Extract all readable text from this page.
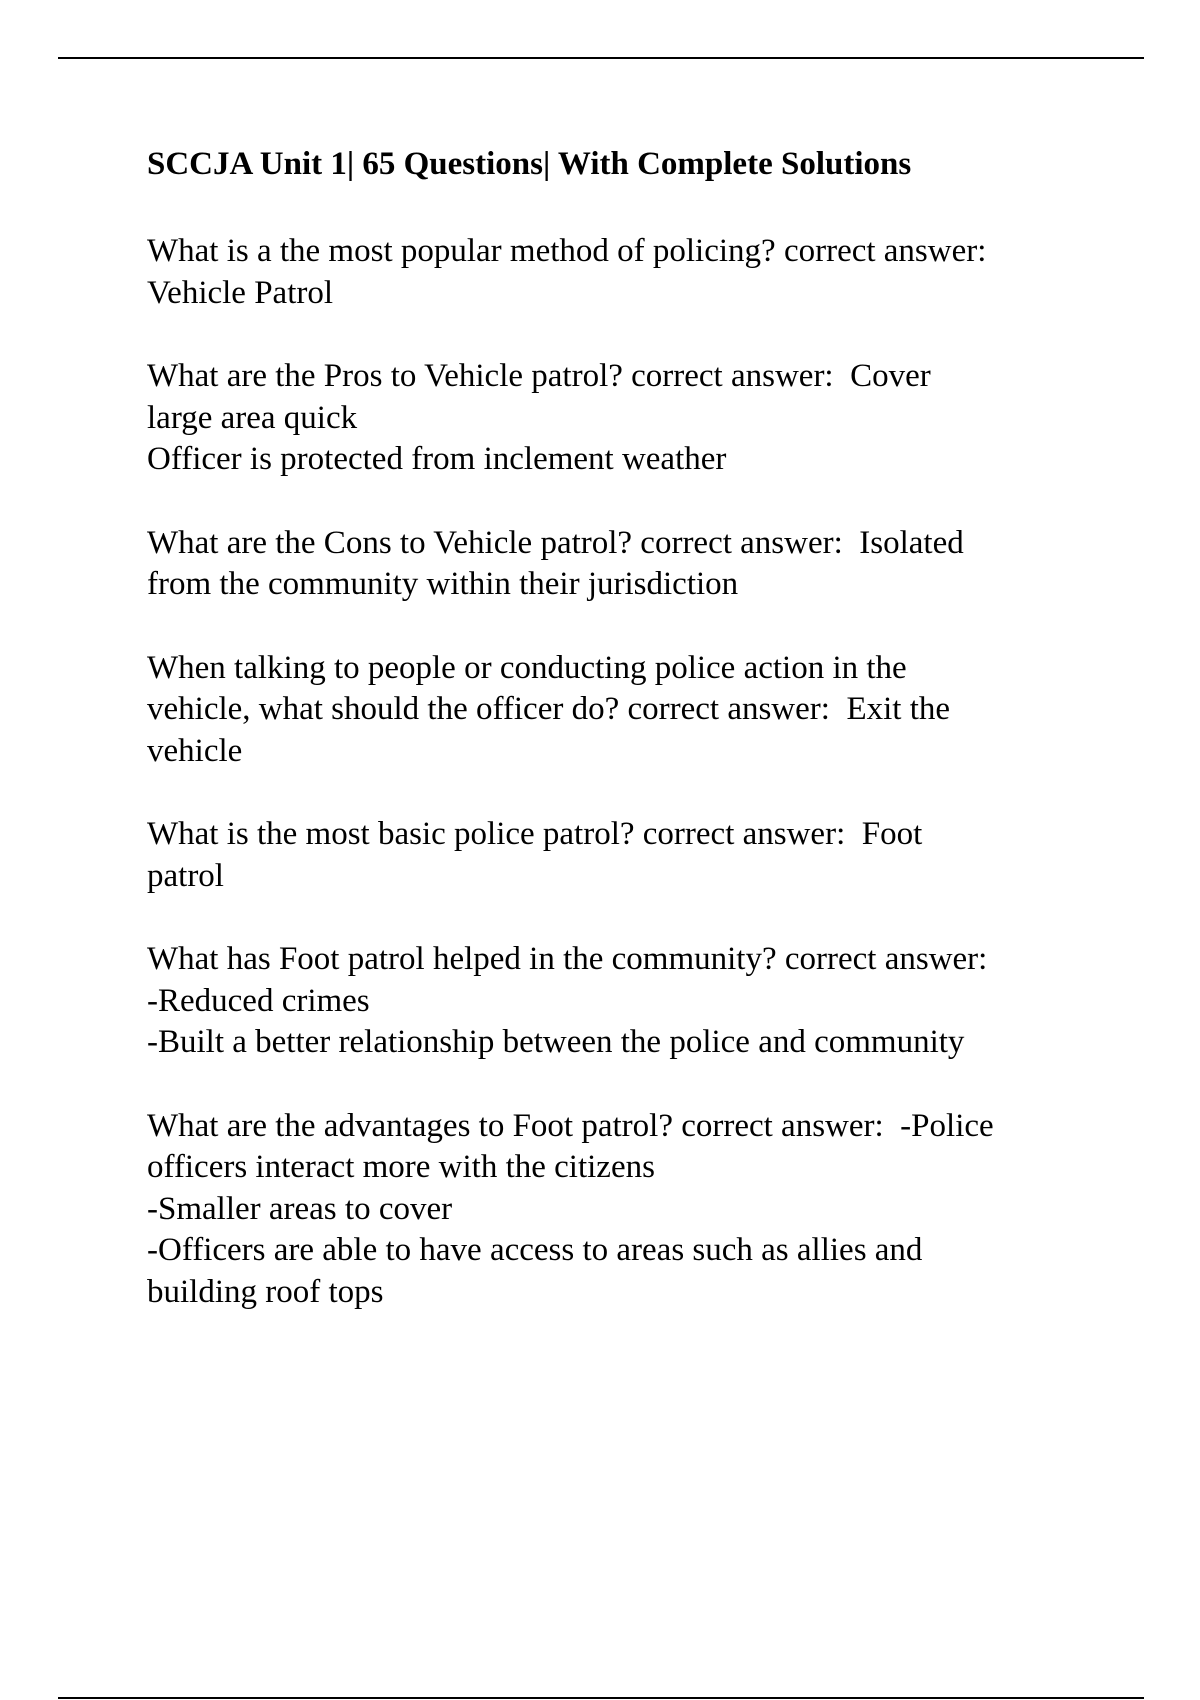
SCCJA Unit 1| 65 Questions| With Complete Solutions
What is a the most popular method of policing? correct answer:
Vehicle Patrol
What are the Pros to Vehicle patrol? correct answer:  Cover
large area quick
Officer is protected from inclement weather
What are the Cons to Vehicle patrol? correct answer:  Isolated
from the community within their jurisdiction
When talking to people or conducting police action in the
vehicle, what should the officer do? correct answer:  Exit the
vehicle
What is the most basic police patrol? correct answer:  Foot
patrol
What has Foot patrol helped in the community? correct answer:
-Reduced crimes
-Built a better relationship between the police and community
What are the advantages to Foot patrol? correct answer:  -Police
officers interact more with the citizens
-Smaller areas to cover
-Officers are able to have access to areas such as allies and
building roof tops
